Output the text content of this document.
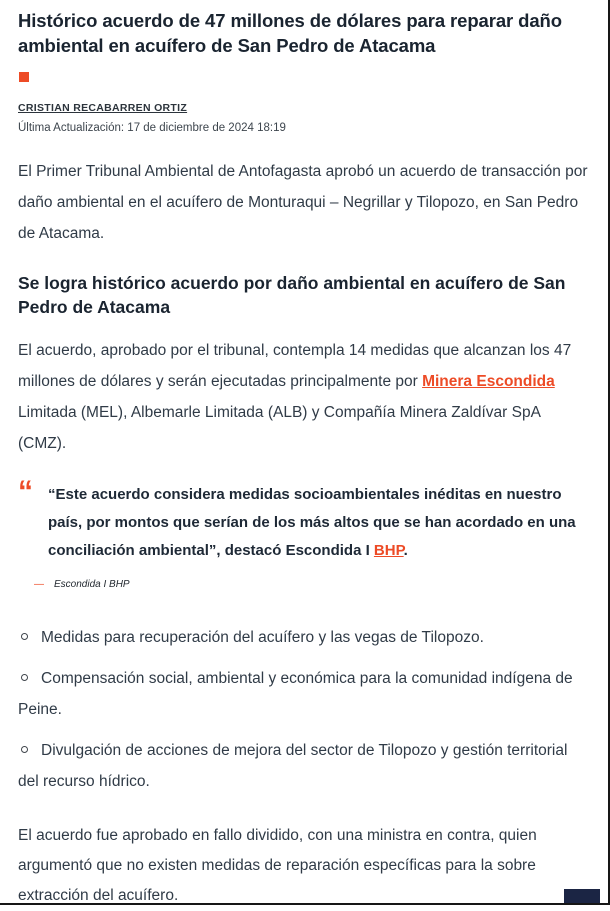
Histórico acuerdo de 47 millones de dólares para reparar daño ambiental en acuífero de San Pedro de Atacama
CRISTIAN RECABARREN ORTIZ
Última Actualización: 17 de diciembre de 2024 18:19

El Primer Tribunal Ambiental de Antofagasta aprobó un acuerdo de transacción por daño ambiental en el acuífero de Monturaqui – Negrillar y Tilopozo, en San Pedro de Atacama.

Se logra histórico acuerdo por daño ambiental en acuífero de San Pedro de Atacama

El acuerdo, aprobado por el tribunal, contempla 14 medidas que alcanzan los 47 millones de dólares y serán ejecutadas principalmente por Minera Escondida Limitada (MEL), Albemarle Limitada (ALB) y Compañía Minera Zaldívar SpA (CMZ).

“ “Este acuerdo considera medidas socioambientales inéditas en nuestro país, por montos que serían de los más altos que se han acordado en una conciliación ambiental”, destacó Escondida I BHP.
— Escondida I BHP
Medidas para recuperación del acuífero y las vegas de Tilopozo.
Compensación social, ambiental y económica para la comunidad indígena de Peine.
Divulgación de acciones de mejora del sector de Tilopozo y gestión territorial del recurso hídrico.

El acuerdo fue aprobado en fallo dividido, con una ministra en contra, quien argumentó que no existen medidas de reparación específicas para la sobre extracción del acuífero.
